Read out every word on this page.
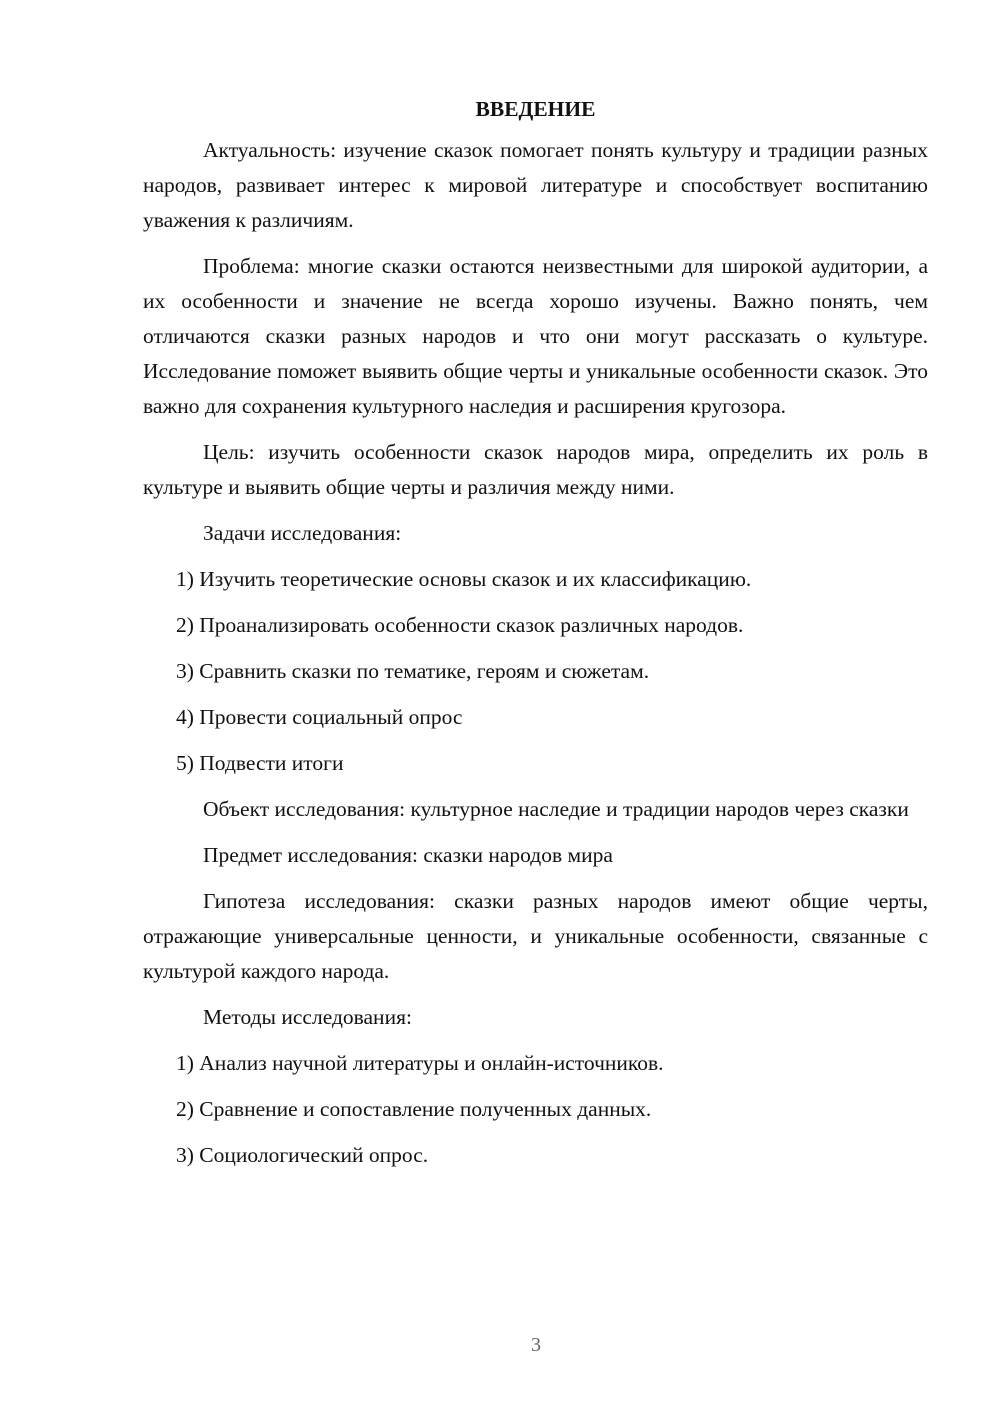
ВВЕДЕНИЕ

Актуальность: изучение сказок помогает понять культуру и традиции разных народов, развивает интерес к мировой литературе и способствует воспитанию уважения к различиям.

Проблема: многие сказки остаются неизвестными для широкой аудитории, а их особенности и значение не всегда хорошо изучены. Важно понять, чем отличаются сказки разных народов и что они могут рассказать о культуре. Исследование поможет выявить общие черты и уникальные особенности сказок. Это важно для сохранения культурного наследия и расширения кругозора.

Цель: изучить особенности сказок народов мира, определить их роль в культуре и выявить общие черты и различия между ними.

Задачи исследования:

1) Изучить теоретические основы сказок и их классификацию.

2) Проанализировать особенности сказок различных народов.

3) Сравнить сказки по тематике, героям и сюжетам.

4) Провести социальный опрос

5) Подвести итоги

Объект исследования: культурное наследие и традиции народов через сказки

Предмет исследования: сказки народов мира

Гипотеза исследования: сказки разных народов имеют общие черты, отражающие универсальные ценности, и уникальные особенности, связанные с культурой каждого народа.

Методы исследования:

1) Анализ научной литературы и онлайн-источников.

2) Сравнение и сопоставление полученных данных.

3) Социологический опрос.

3
